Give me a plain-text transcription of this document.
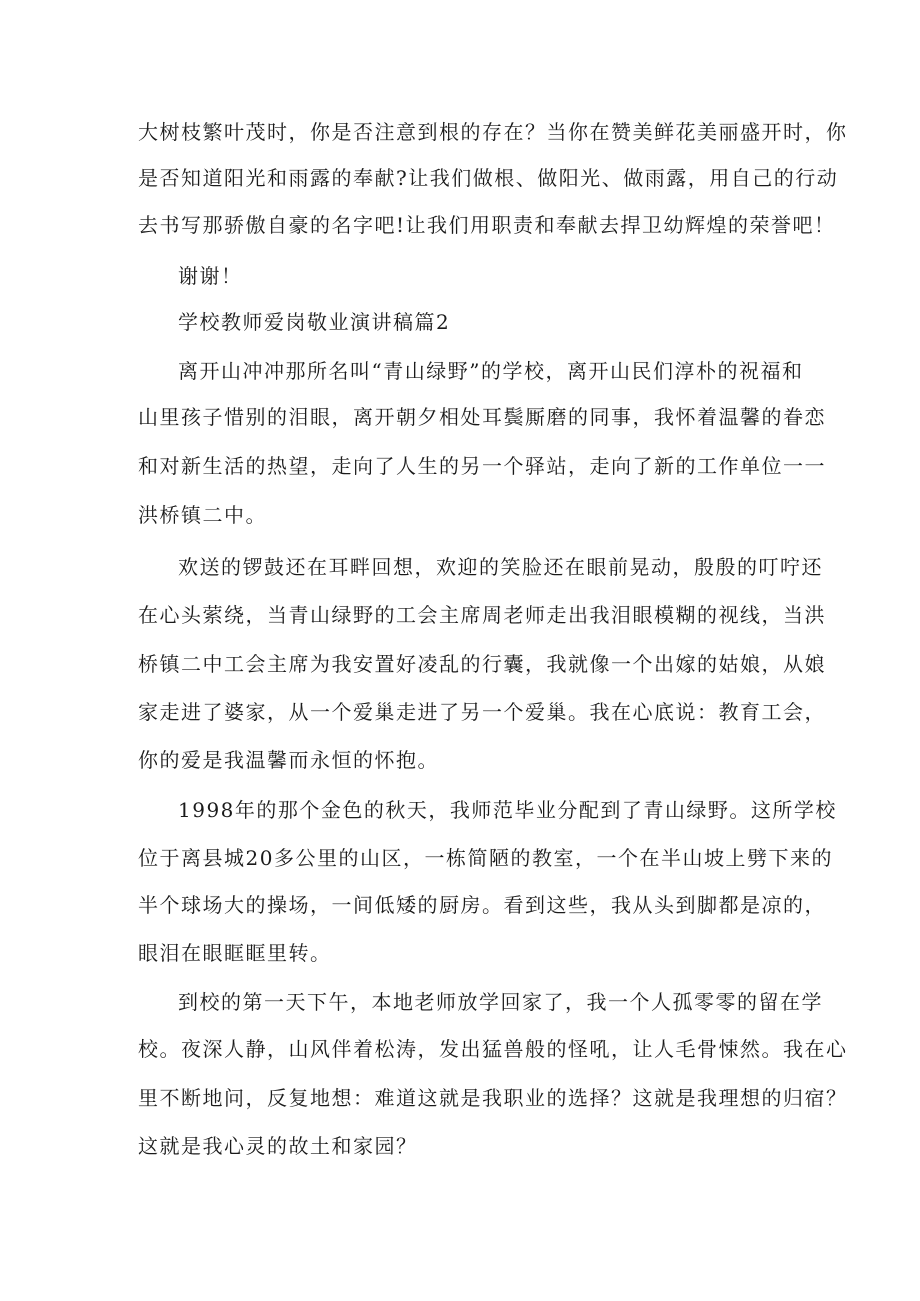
大树枝繁叶茂时，你是否注意到根的存在？当你在赞美鲜花美丽盛开时，你
是否知道阳光和雨露的奉献?让我们做根、做阳光、做雨露，用自己的行动
去书写那骄傲自豪的名字吧!让我们用职责和奉献去捍卫幼辉煌的荣誉吧！
谢谢！
学校教师爱岗敬业演讲稿篇2
离开山冲冲那所名叫“青山绿野”的学校，离开山民们淳朴的祝福和
山里孩子惜别的泪眼，离开朝夕相处耳鬓厮磨的同事，我怀着温馨的眷恋
和对新生活的热望，走向了人生的另一个驿站，走向了新的工作单位一一
洪桥镇二中。
欢送的锣鼓还在耳畔回想，欢迎的笑脸还在眼前晃动，殷殷的叮咛还
在心头萦绕，当青山绿野的工会主席周老师走出我泪眼模糊的视线，当洪
桥镇二中工会主席为我安置好凌乱的行囊，我就像一个出嫁的姑娘，从娘
家走进了婆家，从一个爱巢走进了另一个爱巢。我在心底说：教育工会，
你的爱是我温馨而永恒的怀抱。
1998年的那个金色的秋天，我师范毕业分配到了青山绿野。这所学校
位于离县城20多公里的山区，一栋简陋的教室，一个在半山坡上劈下来的
半个球场大的操场，一间低矮的厨房。看到这些，我从头到脚都是凉的，
眼泪在眼眶眶里转。
到校的第一天下午，本地老师放学回家了，我一个人孤零零的留在学
校。夜深人静，山风伴着松涛，发出猛兽般的怪吼，让人毛骨悚然。我在心
里不断地问，反复地想：难道这就是我职业的选择？这就是我理想的归宿？
这就是我心灵的故土和家园？
